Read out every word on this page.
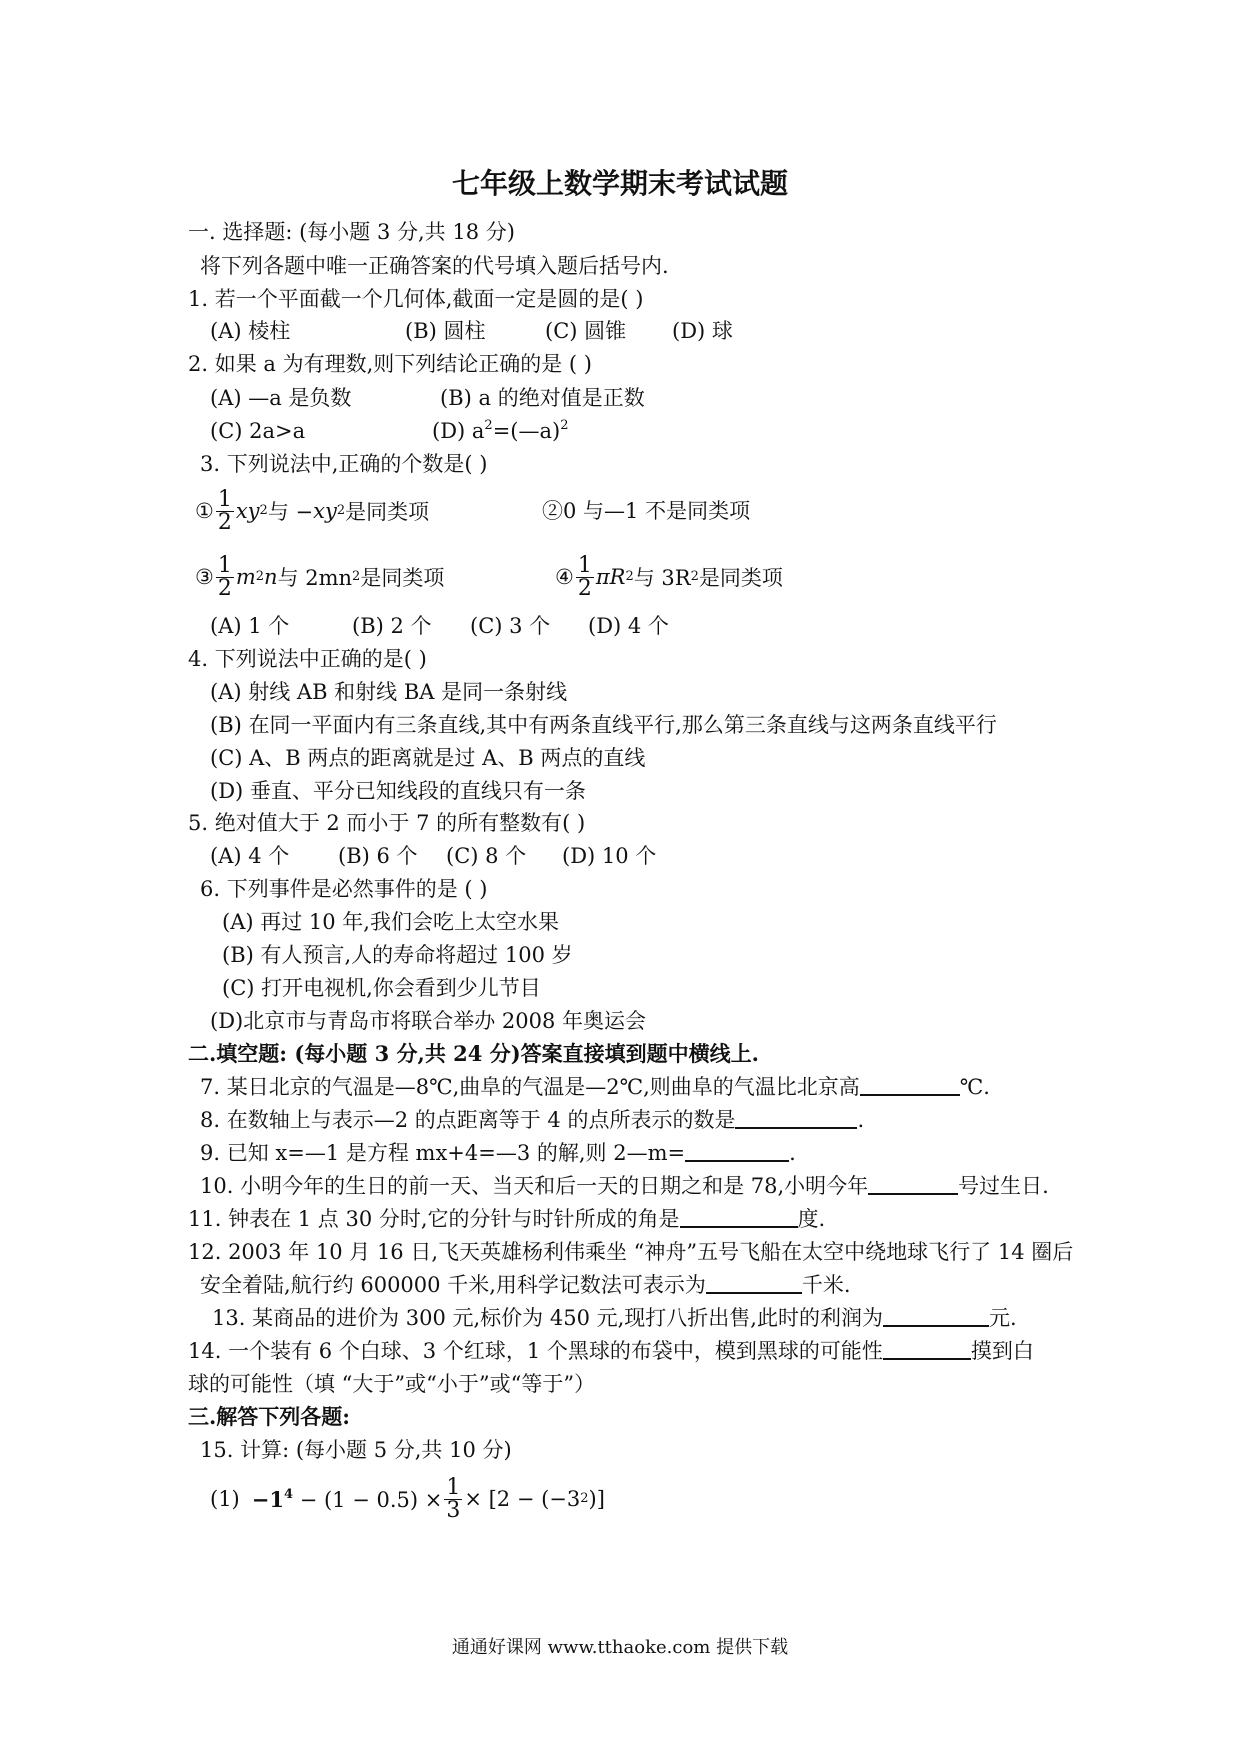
七年级上数学期末考试试题
一. 选择题: (每小题 3 分,共 18 分)
将下列各题中唯一正确答案的代号填入题后括号内.
1. 若一个平面截一个几何体,截面一定是圆的是( )
(A) 棱柱	(B) 圆柱	(C) 圆锥 (D) 球
2. 如果 a 为有理数,则下列结论正确的是 ( )
(A) —a 是负数	(B) a 的绝对值是正数
(C) 2a>a	(D) $a^2=(—a)^2$
3. 下列说法中,正确的个数是( )
① $\frac{1}{2}$ xy 2 与 − xy 2 是同类项	②0 与—1 不是同类项
③ $\frac{1}{2}$ m 2 n 与 2mn 2 是同类项	④ $\frac{1}{2}$ πR 2 与 3R 2 是同类项
(A) 1 个	(B) 2 个 (C) 3 个 (D) 4 个
4. 下列说法中正确的是( )
(A) 射线 AB 和射线 BA 是同一条射线
(B) 在同一平面内有三条直线,其中有两条直线平行,那么第三条直线与这两条直线平行
(C) A、B 两点的距离就是过 A、B 两点的直线
(D) 垂直、平分已知线段的直线只有一条
5. 绝对值大于 2 而小于 7 的所有整数有( )
(A) 4 个 (B) 6 个 (C) 8 个 (D) 10 个
6. 下列事件是必然事件的是 ( )
(A) 再过 10 年,我们会吃上太空水果
(B) 有人预言,人的寿命将超过 100 岁
(C) 打开电视机,你会看到少儿节目
(D)北京市与青岛市将联合举办 2008 年奥运会
二.填空题: (每小题 3 分,共 24 分)答案直接填到题中横线上.
7. 某日北京的气温是—8℃,曲阜的气温是—2℃,则曲阜的气温比北京高	℃.
8. 在数轴上与表示—2 的点距离等于 4 的点所表示的数是	.
9. 已知 x=—1 是方程 mx+4=—3 的解,则 2—m=	.
10. 小明今年的生日的前一天、当天和后一天的日期之和是 78,小明今年	号过生日.
11. 钟表在 1 点 30 分时,它的分针与时针所成的角是	度.
12. 2003 年 10 月 16 日,飞天英雄杨利伟乘坐 “神舟”五号飞船在太空中绕地球飞行了 14 圈后
安全着陆,航行约 600000 千米,用科学记数法可表示为	千米.
13. 某商品的进价为 300 元,标价为 450 元,现打八折出售,此时的利润为	元.
14. 一个装有 6 个白球、3 个红球，1 个黑球的布袋中，模到黑球的可能性	摸到白
球的可能性（填 “大于”或“小于”或“等于”）
三.解答下列各题:
15. 计算: (每小题 5 分,共 10 分)
$(1) -1^4 - (1 - 0.5) \times \frac{1}{3} \times [2 - (-3$ 2 )]
通通好课网 www.tthaoke.com 提供下载
